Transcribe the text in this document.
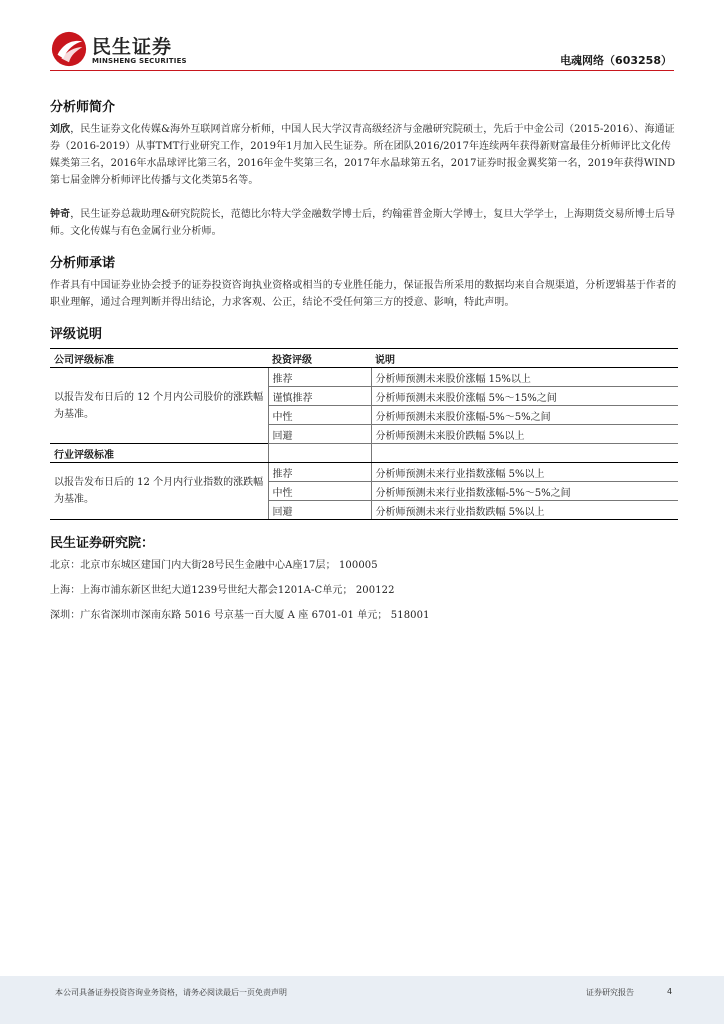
民生证券
MINSHENG SECURITIES	电魂网络（603258）
分析师简介

刘欣，民生证券文化传媒&海外互联网首席分析师，中国人民大学汉青高级经济与金融研究院硕士，先后于中金公司（2015-2016）、海通证券（2016-2019）从事TMT行业研究工作，2019年1月加入民生证券。所在团队2016/2017年连续两年获得新财富最佳分析师评比文化传媒类第三名，2016年水晶球评比第三名，2016年金牛奖第三名，2017年水晶球第五名，2017证券时报金翼奖第一名，2019年获得WIND第七届金牌分析师评比传播与文化类第5名等。

钟奇，民生证券总裁助理&研究院院长，范德比尔特大学金融数学博士后，约翰霍普金斯大学博士，复旦大学学士，上海期货交易所博士后导师。文化传媒与有色金属行业分析师。

分析师承诺

作者具有中国证券业协会授予的证券投资咨询执业资格或相当的专业胜任能力，保证报告所采用的数据均来自合规渠道，分析逻辑基于作者的职业理解，通过合理判断并得出结论，力求客观、公正，结论不受任何第三方的授意、影响，特此声明。

评级说明
公司评级标准	投资评级	说明
以报告发布日后的 12 个月内公司股价的涨跌幅为基准。	推荐	分析师预测未来股价涨幅 15%以上
	谨慎推荐	分析师预测未来股价涨幅 5%～15%之间
	中性	分析师预测未来股价涨幅-5%～5%之间
	回避	分析师预测未来股价跌幅 5%以上
行业评级标准		
以报告发布日后的 12 个月内行业指数的涨跌幅为基准。	推荐	分析师预测未来行业指数涨幅 5%以上
	中性	分析师预测未来行业指数涨幅-5%～5%之间
	回避	分析师预测未来行业指数跌幅 5%以上
民生证券研究院：

北京：北京市东城区建国门内大街28号民生金融中心A座17层； 100005

上海：上海市浦东新区世纪大道1239号世纪大都会1201A-C单元； 200122

深圳：广东省深圳市深南东路 5016 号京基一百大厦 A 座 6701-01 单元； 518001

本公司具备证券投资咨询业务资格，请务必阅读最后一页免责声明	证券研究报告	4
